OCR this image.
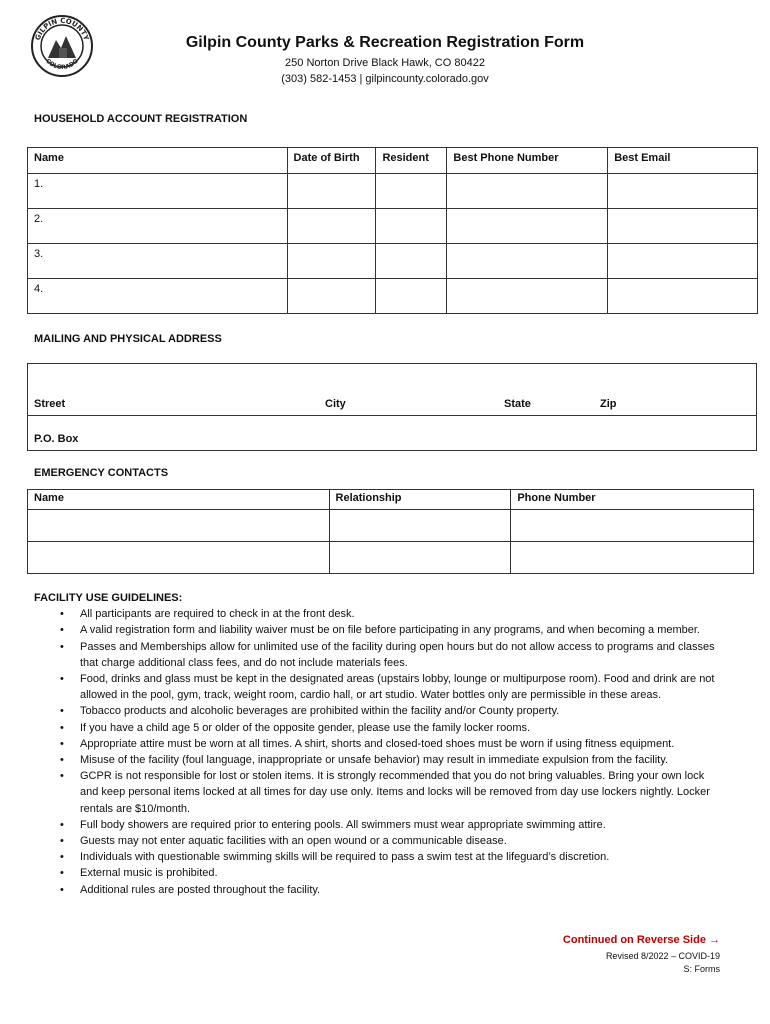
GILPIN COUNTY
COLORADO
Gilpin County Parks & Recreation Registration Form
250 Norton Drive Black Hawk, CO 80422
(303) 582-1453 | gilpincounty.colorado.gov
HOUSEHOLD ACCOUNT REGISTRATION
Name	Date of Birth	Resident	Best Phone Number	Best Email
1.				
2.				
3.				
4.				
MAILING AND PHYSICAL ADDRESS
Street	City	State	Zip
P.O. Box
EMERGENCY CONTACTS
Name	Relationship	Phone Number

FACILITY USE GUIDELINES:
• All participants are required to check in at the front desk.
• A valid registration form and liability waiver must be on file before participating in any programs, and when becoming a member.
• Passes and Memberships allow for unlimited use of the facility during open hours but do not allow access to programs and classes that charge additional class fees, and do not include materials fees.
• Food, drinks and glass must be kept in the designated areas (upstairs lobby, lounge or multipurpose room). Food and drink are not allowed in the pool, gym, track, weight room, cardio hall, or art studio. Water bottles only are permissible in these areas.
• Tobacco products and alcoholic beverages are prohibited within the facility and/or County property.
• If you have a child age 5 or older of the opposite gender, please use the family locker rooms.
• Appropriate attire must be worn at all times. A shirt, shorts and closed-toed shoes must be worn if using fitness equipment.
• Misuse of the facility (foul language, inappropriate or unsafe behavior) may result in immediate expulsion from the facility.
• GCPR is not responsible for lost or stolen items. It is strongly recommended that you do not bring valuables. Bring your own lock and keep personal items locked at all times for day use only. Items and locks will be removed from day use lockers nightly. Locker rentals are $10/month.
• Full body showers are required prior to entering pools. All swimmers must wear appropriate swimming attire.
• Guests may not enter aquatic facilities with an open wound or a communicable disease.
• Individuals with questionable swimming skills will be required to pass a swim test at the lifeguard’s discretion.
• External music is prohibited.
• Additional rules are posted throughout the facility.
Continued on Reverse Side →
Revised 8/2022 – COVID-19
S: Forms
